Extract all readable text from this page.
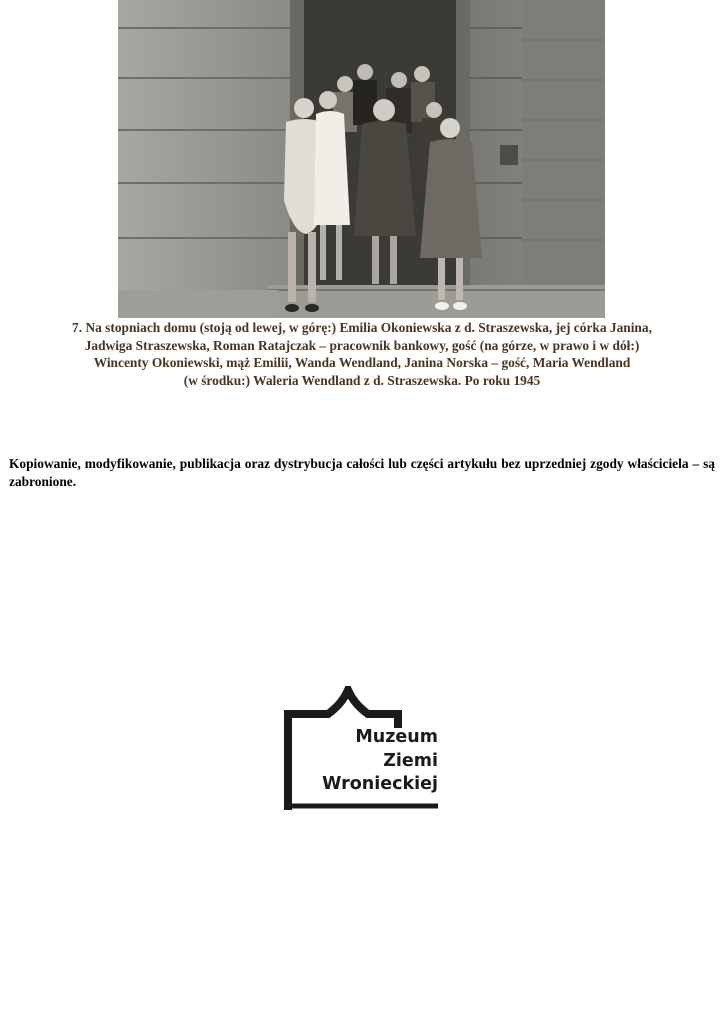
7. Na stopniach domu (stoją od lewej, w górę:) Emilia Okoniewska z d. Straszewska, jej córka Janina,
Jadwiga Straszewska, Roman Ratajczak – pracownik bankowy, gość (na górze, w prawo i w dół:)
Wincenty Okoniewski, mąż Emilii, Wanda Wendland, Janina Norska – gość, Maria Wendland
(w środku:) Waleria Wendland z d. Straszewska. Po roku 1945
Kopiowanie, modyfikowanie, publikacja oraz dystrybucja całości lub części artykułu bez uprzedniej zgody właściciela – są zabronione.
Muzeum
Ziemi
Wronieckiej
